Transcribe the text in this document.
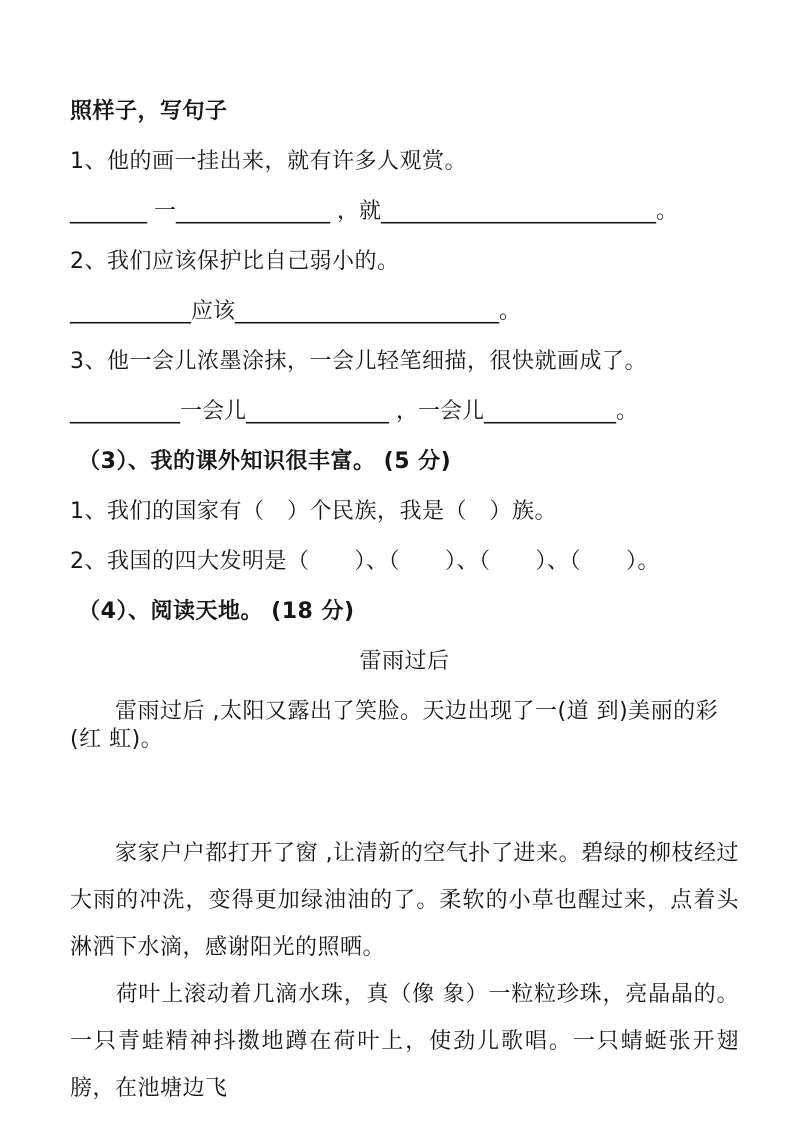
照样子，写句子
1、他的画一挂出来，就有许多人观赏。
_______ 一______________ ，就_________________________。
2、我们应该保护比自己弱小的。
___________应该________________________。
3、他一会儿浓墨涂抹，一会儿轻笔细描，很快就画成了。
__________一会儿_____________ ，一会儿____________。
（3）、我的课外知识很丰富。 (5 分)
1、我们的国家有（　）个民族，我是（　）族。
2、我国的四大发明是（　　）、（　　）、（　　）、（　　）。
（4）、阅读天地。 (18 分)
雷雨过后
　　雷雨过后 ,太阳又露出了笑脸。天边出现了一(道 到)美丽的彩(红 虹)。
　　家家户户都打开了窗 ,让清新的空气扑了进来。碧绿的柳枝经过大雨的冲洗，变得更加绿油油的了。柔软的小草也醒过来，点着头淋洒下水滴，感谢阳光的照晒。
　　荷叶上滚动着几滴水珠，真（像 象）一粒粒珍珠，亮晶晶的。一只青蛙精神抖擞地蹲在荷叶上，使劲儿歌唱。一只蜻蜓张开翅膀，在池塘边飞
